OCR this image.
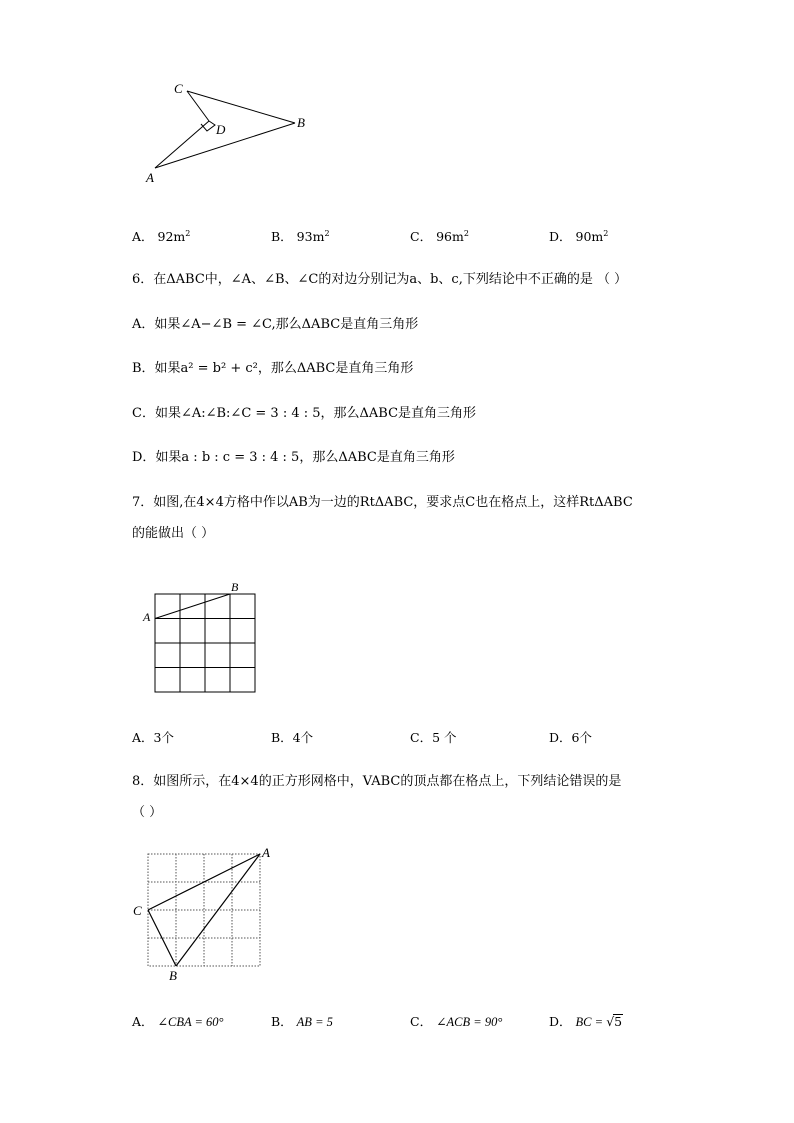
C
D	B
A
A． $92m^2$	B． $93m^2$	C． $96m^2$	D． $90m^2$
6．在ΔABC中，∠A、∠B、∠C的对边分别记为a、b、c,下列结论中不正确的是 （ ）
A．如果∠A−∠B = ∠C,那么ΔABC是直角三角形
B．如果a² = b² + c²，那么ΔABC是直角三角形
C．如果∠A:∠B:∠C = 3 : 4 : 5，那么ΔABC是直角三角形
D．如果a : b : c = 3 : 4 : 5，那么ΔABC是直角三角形
7．如图,在4×4方格中作以AB为一边的RtΔABC，要求点C也在格点上，这样RtΔABC
的能做出（ ）
A
B
A．3个	B．4个	C．5 个	D．6个
8．如图所示，在4×4的正方形网格中，VABC的顶点都在格点上，下列结论错误的是
（ ）
A
C
B
A． ∠CBA = 60°	B． AB = 5	C． ∠ACB = 90°	D． BC = √5
